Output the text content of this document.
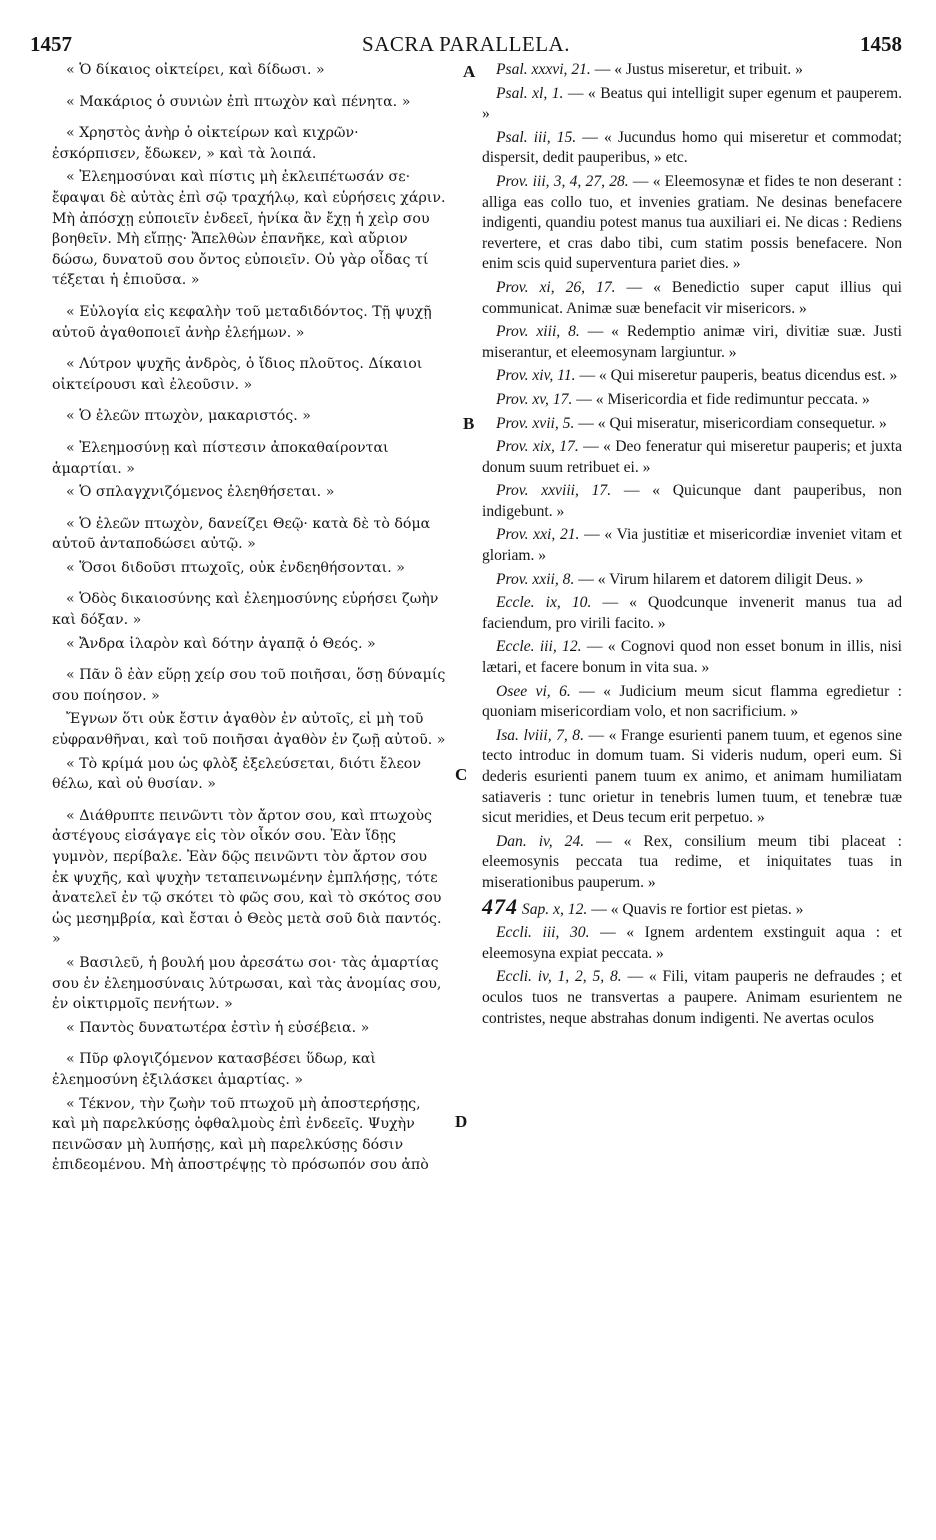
1457	SACRA PARALLELA.	1458
A
B
C
D

« Ὁ δίκαιος οἰκτείρει, καὶ δίδωσι. »

« Μακάριος ὁ συνιὼν ἐπὶ πτωχὸν καὶ πένητα. »

« Χρηστὸς ἀνὴρ ὁ οἰκτείρων καὶ κιχρῶν· ἐσκόρπισεν, ἔδωκεν, » καὶ τὰ λοιπά.

« Ἐλεημοσύναι καὶ πίστις μὴ ἐκλειπέτωσάν σε· ἔφαψαι δὲ αὐτὰς ἐπὶ σῷ τραχήλῳ, καὶ εὑρήσεις χάριν. Μὴ ἀπόσχῃ εὐποιεῖν ἐνδεεῖ, ἡνίκα ἂν ἔχῃ ἡ χεὶρ σου βοηθεῖν. Μὴ εἴπῃς· Ἄπελθὼν ἐπανῆκε, καὶ αὔριον δώσω, δυνατοῦ σου ὄντος εὐποιεῖν. Οὐ γὰρ οἶδας τί τέξεται ἡ ἐπιοῦσα. »

« Εὐλογία εἰς κεφαλὴν τοῦ μεταδιδόντος. Τῇ ψυχῇ αὐτοῦ ἀγαθοποιεῖ ἀνὴρ ἐλεήμων. »

« Λύτρον ψυχῆς ἀνδρὸς, ὁ ἴδιος πλοῦτος. Δίκαιοι οἰκτείρουσι καὶ ἐλεοῦσιν. »

« Ὁ ἐλεῶν πτωχὸν, μακαριστός. »

« Ἐλεημοσύνῃ καὶ πίστεσιν ἀποκαθαίρονται ἁμαρτίαι. »

« Ὁ σπλαγχνιζόμενος ἐλεηθήσεται. »

« Ὁ ἐλεῶν πτωχὸν, δανείζει Θεῷ· κατὰ δὲ τὸ δόμα αὐτοῦ ἀνταποδώσει αὐτῷ. »

« Ὅσοι διδοῦσι πτωχοῖς, οὐκ ἐνδεηθήσονται. »

« Ὁδὸς δικαιοσύνης καὶ ἐλεημοσύνης εὑρήσει ζωὴν καὶ δόξαν. »

« Ἄνδρα ἱλαρὸν καὶ δότην ἀγαπᾷ ὁ Θεός. »

« Πᾶν ὃ ἐὰν εὕρῃ χείρ σου τοῦ ποιῆσαι, ὅσῃ δύναμίς σου ποίησον. »

Ἔγνων ὅτι οὐκ ἔστιν ἀγαθὸν ἐν αὐτοῖς, εἰ μὴ τοῦ εὐφρανθῆναι, καὶ τοῦ ποιῆσαι ἀγαθὸν ἐν ζωῇ αὐτοῦ. »

« Τὸ κρίμά μου ὡς φλὸξ ἐξελεύσεται, διότι ἔλεον θέλω, καὶ οὐ θυσίαν. »

« Διάθρυπτε πεινῶντι τὸν ἄρτον σου, καὶ πτωχοὺς ἀστέγους εἰσάγαγε εἰς τὸν οἶκόν σου. Ἐὰν ἴδῃς γυμνὸν, περίβαλε. Ἐὰν δῷς πεινῶντι τὸν ἄρτον σου ἐκ ψυχῆς, καὶ ψυχὴν τεταπεινωμένην ἐμπλήσῃς, τότε ἀνατελεῖ ἐν τῷ σκότει τὸ φῶς σου, καὶ τὸ σκότος σου ὡς μεσημβρία, καὶ ἔσται ὁ Θεὸς μετὰ σοῦ διὰ παντός. »

« Βασιλεῦ, ἡ βουλή μου ἀρεσάτω σοι· τὰς ἁμαρτίας σου ἐν ἐλεημοσύναις λύτρωσαι, καὶ τὰς ἀνομίας σου, ἐν οἰκτιρμοῖς πενήτων. »

« Παντὸς δυνατωτέρα ἐστὶν ἡ εὐσέβεια. »

« Πῦρ φλογιζόμενον κατασβέσει ὕδωρ, καὶ ἐλεημοσύνη ἐξιλάσκει ἁμαρτίας. »

« Τέκνον, τὴν ζωὴν τοῦ πτωχοῦ μὴ ἀποστερήσῃς, καὶ μὴ παρελκύσῃς ὀφθαλμοὺς ἐπὶ ἐνδεεῖς. Ψυχὴν πεινῶσαν μὴ λυπήσῃς, καὶ μὴ παρελκύσῃς δόσιν ἐπιδεομένου. Μὴ ἀποστρέψῃς τὸ πρόσωπόν σου ἀπὸ

Psal. xxxvi, 21. — « Justus miseretur, et tribuit. »

Psal. xl, 1. — « Beatus qui intelligit super egenum et pauperem. »

Psal. iii, 15. — « Jucundus homo qui miseretur et commodat; dispersit, dedit pauperibus, » etc.

Prov. iii, 3, 4, 27, 28. — « Eleemosynæ et fides te non deserant : alliga eas collo tuo, et invenies gratiam. Ne desinas benefacere indigenti, quandiu potest manus tua auxiliari ei. Ne dicas : Rediens revertere, et cras dabo tibi, cum statim possis benefacere. Non enim scis quid superventura pariet dies. »

Prov. xi, 26, 17. — « Benedictio super caput illius qui communicat. Animæ suæ benefacit vir misericors. »

Prov. xiii, 8. — « Redemptio animæ viri, divitiæ suæ. Justi miserantur, et eleemosynam largiuntur. »

Prov. xiv, 11. — « Qui miseretur pauperis, beatus dicendus est. »

Prov. xv, 17. — « Misericordia et fide redimuntur peccata. »

Prov. xvii, 5. — « Qui miseratur, misericordiam consequetur. »

Prov. xix, 17. — « Deo feneratur qui miseretur pauperis; et juxta donum suum retribuet ei. »

Prov. xxviii, 17. — « Quicunque dant pauperibus, non indigebunt. »

Prov. xxi, 21. — « Via justitiæ et misericordiæ inveniet vitam et gloriam. »

Prov. xxii, 8. — « Virum hilarem et datorem diligit Deus. »

Eccle. ix, 10. — « Quodcunque invenerit manus tua ad faciendum, pro virili facito. »

Eccle. iii, 12. — « Cognovi quod non esset bonum in illis, nisi lætari, et facere bonum in vita sua. »

Osee vi, 6. — « Judicium meum sicut flamma egredietur : quoniam misericordiam volo, et non sacrificium. »

Isa. lviii, 7, 8. — « Frange esurienti panem tuum, et egenos sine tecto introduc in domum tuam. Si videris nudum, operi eum. Si dederis esurienti panem tuum ex animo, et animam humiliatam satiaveris : tunc orietur in tenebris lumen tuum, et tenebræ tuæ sicut meridies, et Deus tecum erit perpetuo. »

Dan. iv, 24. — « Rex, consilium meum tibi placeat : eleemosynis peccata tua redime, et iniquitates tuas in miserationibus pauperum. »

474 Sap. x, 12. — « Quavis re fortior est pietas. »

Eccli. iii, 30. — « Ignem ardentem exstinguit aqua : et eleemosyna expiat peccata. »

Eccli. iv, 1, 2, 5, 8. — « Fili, vitam pauperis ne defraudes ; et oculos tuos ne transvertas a paupere. Animam esurientem ne contristes, neque abstrahas donum indigenti. Ne avertas oculos
